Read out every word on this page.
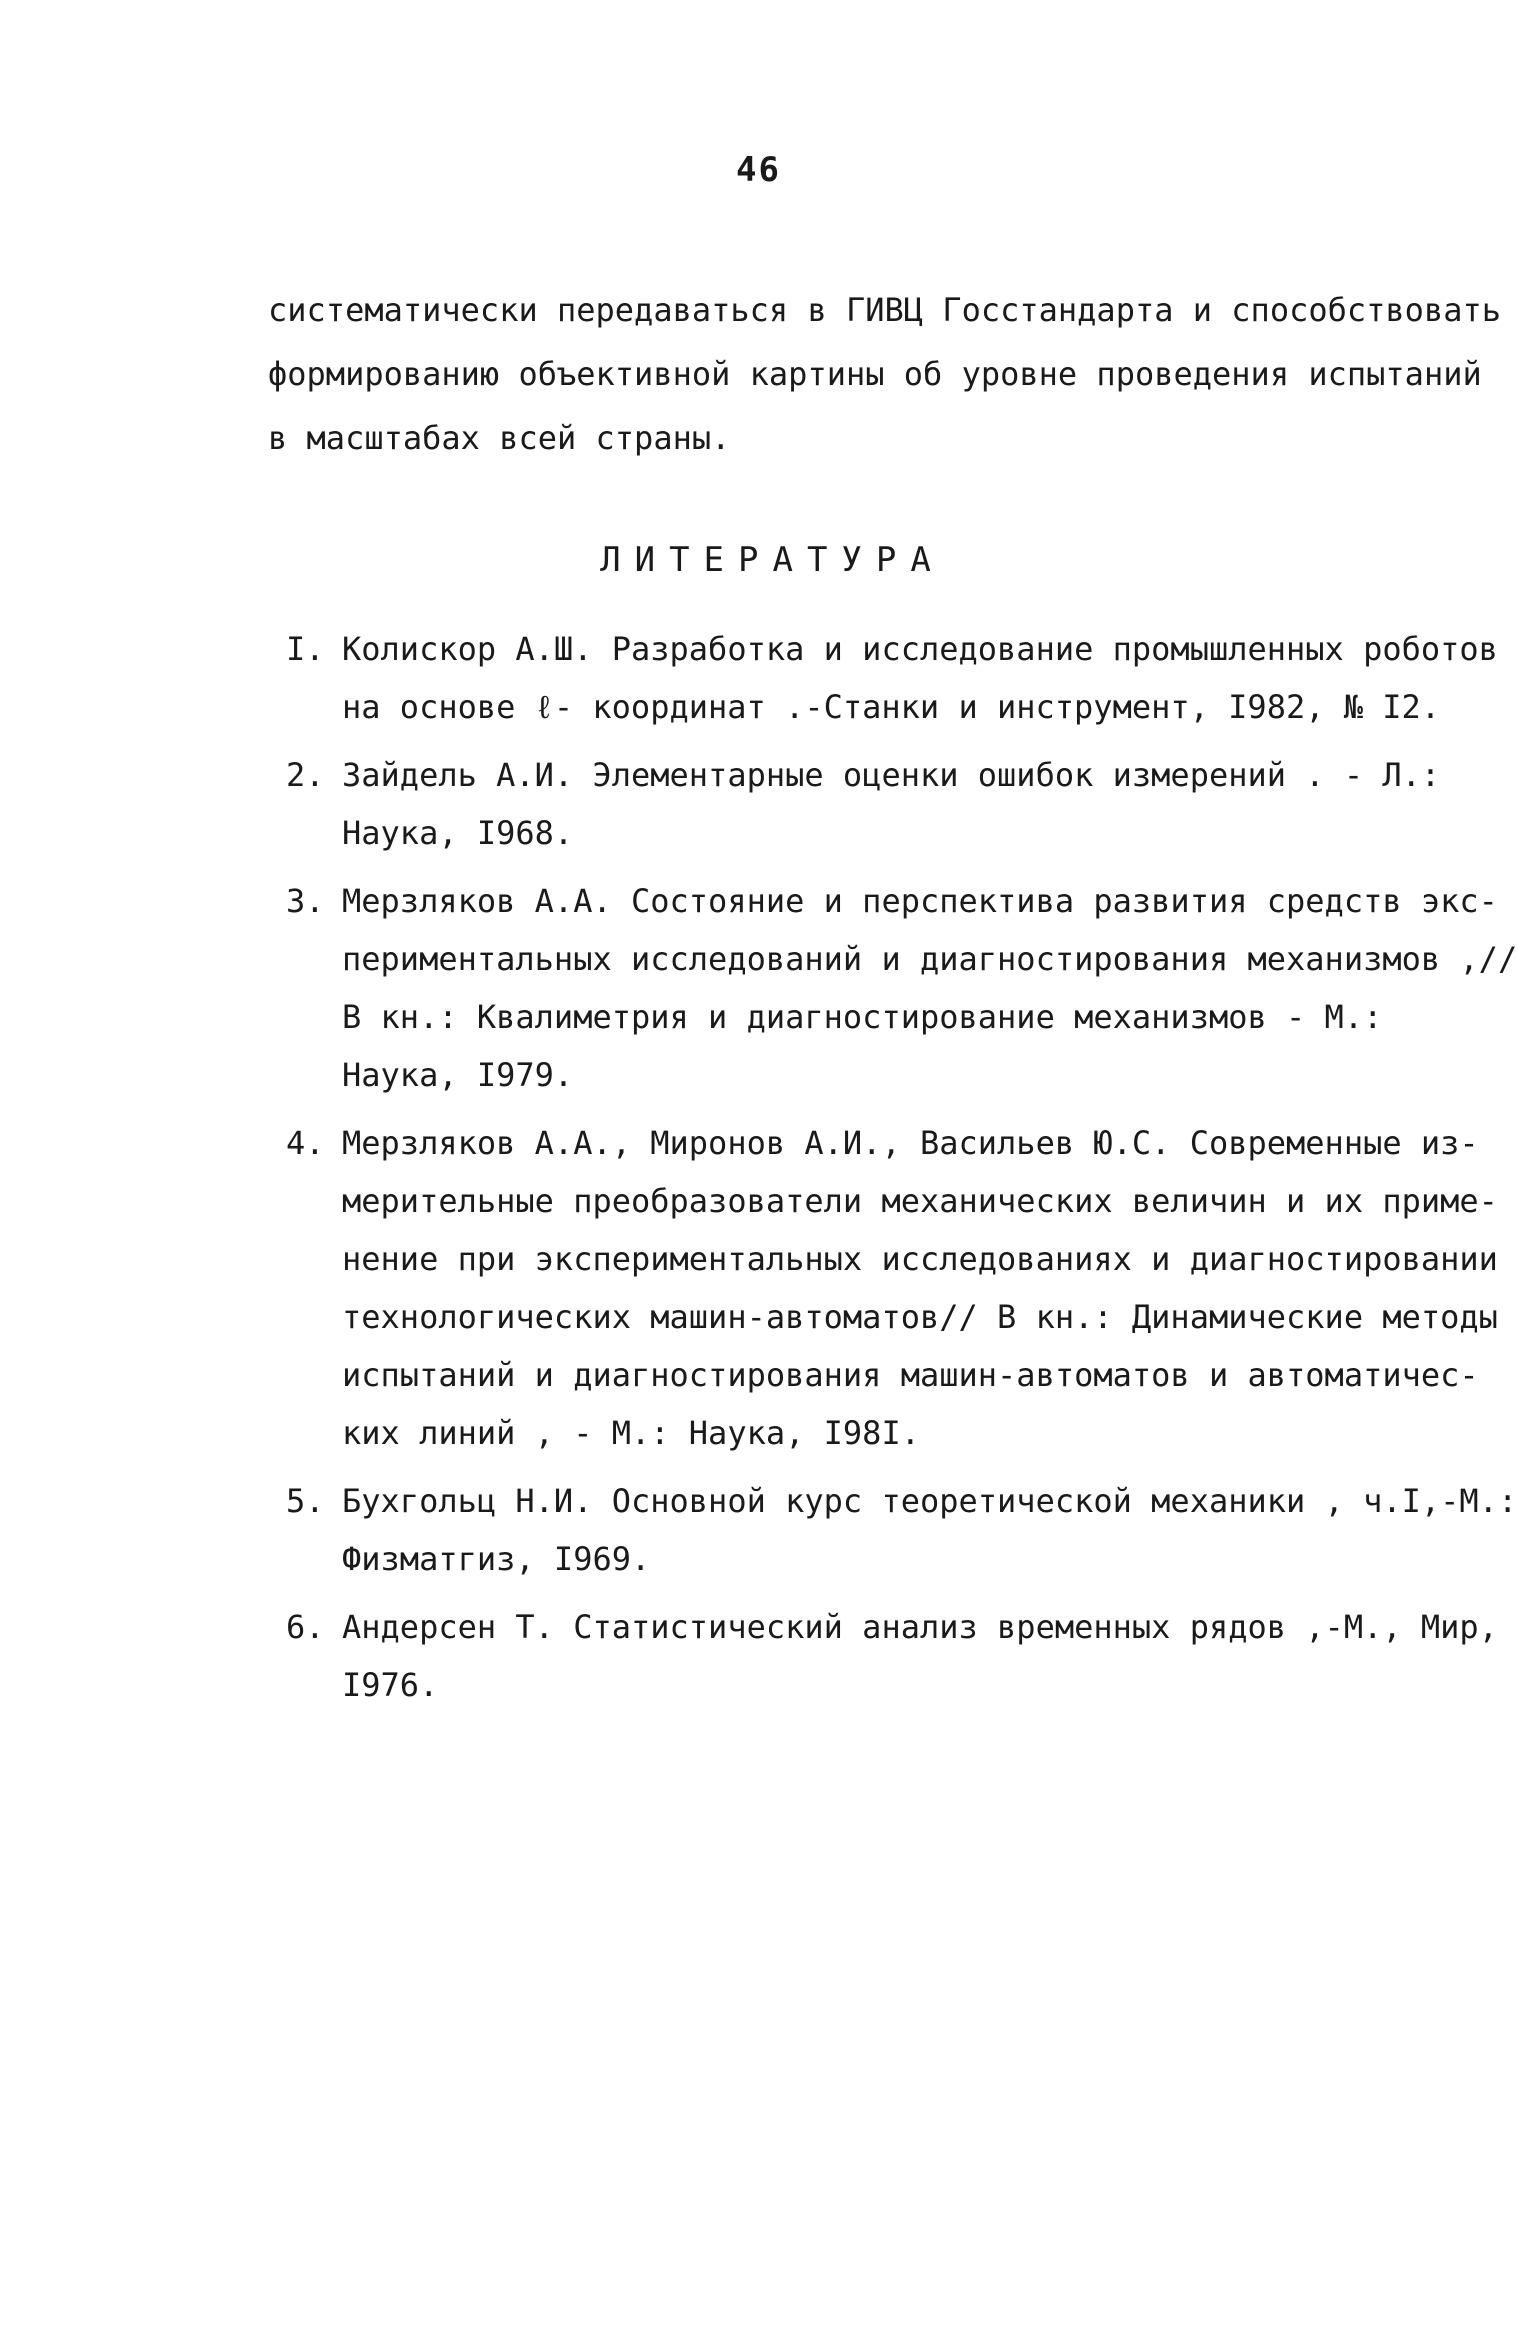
46
систематически передаваться в ГИВЦ Госстандарта и способствовать
формированию объективной картины об уровне проведения испытаний
в масштабах всей страны.
ЛИТЕРАТУРА
I. Колискор А.Ш. Разработка и исследование промышленных роботов
на основе ℓ- координат .-Станки и инструмент, I982, № I2.
2. Зайдель А.И. Элементарные оценки ошибок измерений . - Л.:
Наука, I968.
3. Мерзляков А.А. Состояние и перспектива развития средств экс-
периментальных исследований и диагностирования механизмов ,//
В кн.: Квалиметрия и диагностирование механизмов - М.:
Наука, I979.
4. Мерзляков А.А., Миронов А.И., Васильев Ю.С. Современные из-
мерительные преобразователи механических величин и их приме-
нение при экспериментальных исследованиях и диагностировании
технологических машин-автоматов// В кн.: Динамические методы
испытаний и диагностирования машин-автоматов и автоматичес-
ких линий , - М.: Наука, I98I.
5. Бухгольц Н.И. Основной курс теоретической механики , ч.I,-М.:
Физматгиз, I969.
6. Андерсен Т. Статистический анализ временных рядов ,-М., Мир,
I976.
